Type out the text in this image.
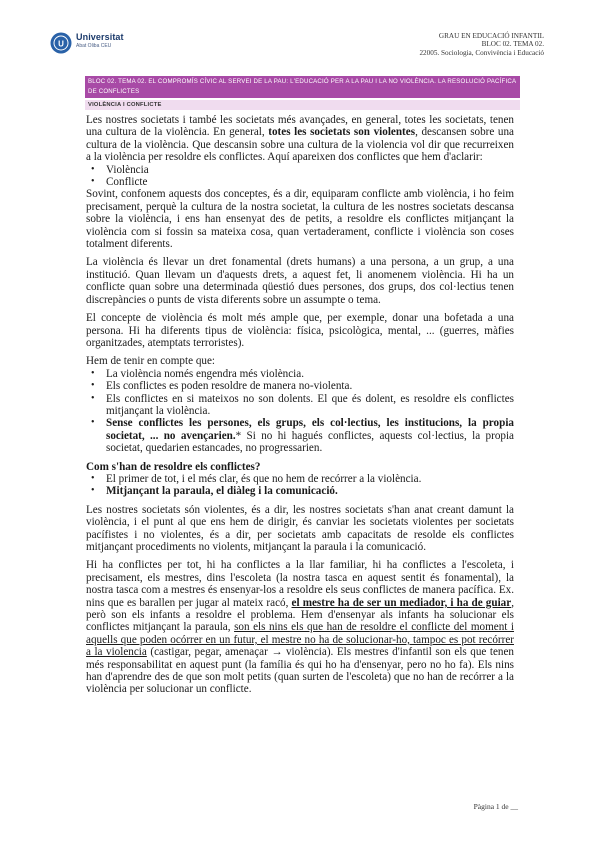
U
Universitat
Abat Oliba CEU
GRAU EN EDUCACIÓ INFANTIL
BLOC 02. TEMA 02.
22005. Sociologia, Convivència i Educació
BLOC 02. TEMA 02. EL COMPROMÍS CÍVIC AL SERVEI DE LA PAU: L'EDUCACIÓ PER A LA PAU I LA NO VIOLÈNCIA. LA RESOLUCIÓ PACÍFICA DE CONFLICTES
VIOLÈNCIA I CONFLICTE

Les nostres societats i també les societats més avançades, en general, totes les societats, tenen una cultura de la violència. En general, totes les societats son violentes, descansen sobre una cultura de la violència. Que descansin sobre una cultura de la violencia vol dir que recurreixen a la violència per resoldre els conflictes. Aquí apareixen dos conflictes que hem d'aclarir:

• Violència
• Conflicte

Sovint, confonem aquests dos conceptes, és a dir, equiparam conflicte amb violència, i ho feim precisament, perquè la cultura de la nostra societat, la cultura de les nostres societats descansa sobre la violència, i ens han ensenyat des de petits, a resoldre els conflictes mitjançant la violència com si fossin sa mateixa cosa, quan vertaderament, conflicte i violència son coses totalment diferents.

La violència és llevar un dret fonamental (drets humans) a una persona, a un grup, a una institució. Quan llevam un d'aquests drets, a aquest fet, li anomenem violència. Hi ha un conflicte quan sobre una determinada qüestió dues persones, dos grups, dos col·lectius tenen discrepàncies o punts de vista diferents sobre un assumpte o tema.

El concepte de violència és molt més ample que, per exemple, donar una bofetada a una persona. Hi ha diferents tipus de violència: física, psicològica, mental, ... (guerres, màfies organitzades, atemptats terroristes).

Hem de tenir en compte que:

• La violència només engendra més violència.
• Els conflictes es poden resoldre de manera no-violenta.
• Els conflictes en si mateixos no son dolents. El que és dolent, es resoldre els conflictes mitjançant la violència.
• Sense conflictes les persones, els grups, els col·lectius, les institucions, la propia societat, ... no avençarien.* Si no hi hagués conflictes, aquests col·lectius, la propia societat, quedarien estancades, no progressarien.

Com s'han de resoldre els conflictes?

• El primer de tot, i el més clar, és que no hem de recórrer a la violència.
• Mitjançant la paraula, el diàleg i la comunicació.

Les nostres societats són violentes, és a dir, les nostres societats s'han anat creant damunt la violència, i el punt al que ens hem de dirigir, és canviar les societats violentes per societats pacífistes i no violentes, és a dir, per societats amb capacitats de resolde els conflictes mitjançant procediments no violents, mitjançant la paraula i la comunicació.

Hi ha conflictes per tot, hi ha conflictes a la llar familiar, hi ha conflictes a l'escoleta, i precisament, els mestres, dins l'escoleta (la nostra tasca en aquest sentit és fonamental), la nostra tasca com a mestres és ensenyar-los a resoldre els seus conflictes de manera pacífica. Ex. nins que es barallen per jugar al mateix racó, el mestre ha de ser un mediador, i ha de guiar, però son els infants a resoldre el problema. Hem d'ensenyar als infants ha solucionar els conflictes mitjançant la paraula, son els nins els que han de resoldre el conflicte del moment i aquells que poden ocórrer en un futur, el mestre no ha de solucionar-ho, tampoc es pot recórrer a la violencia (castigar, pegar, amenaçar → violència). Els mestres d'infantil son els que tenen més responsabilitat en aquest punt (la família és qui ho ha d'ensenyar, pero no ho fa). Els nins han d'aprendre des de que son molt petits (quan surten de l'escoleta) que no han de recórrer a la violència per solucionar un conflicte.

Pàgina 1 de __
